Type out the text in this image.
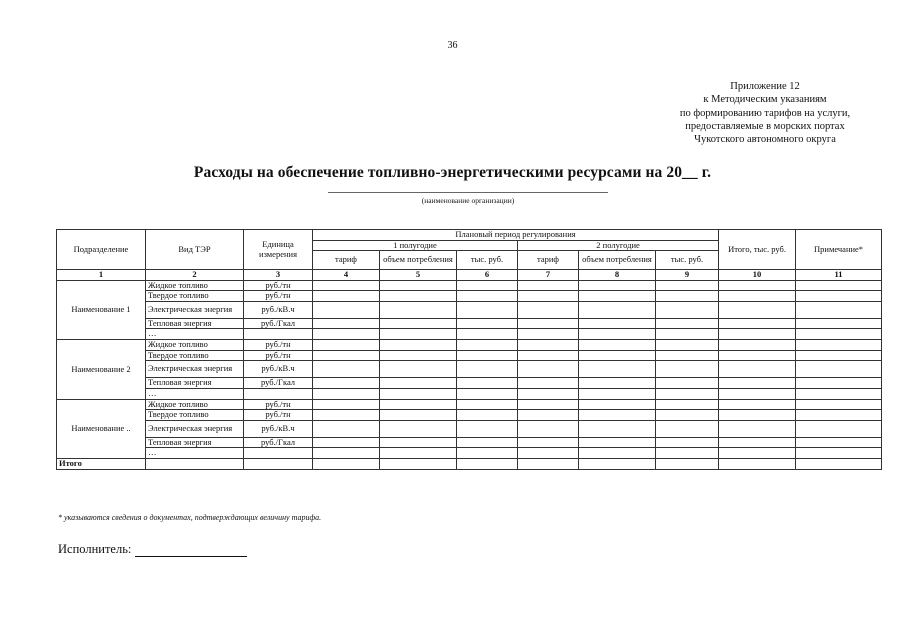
36
Приложение 12
к Методическим указаниям
по формированию тарифов на услуги,
предоставляемые в морских портах
Чукотского автономного округа
Расходы на обеспечение топливно-энергетическими ресурсами на 20__ г.
(наименование организации)
Подразделение	Вид ТЭР	Единица измерения	Плановый период регулирования						Итого, тыс. руб.	Примечание*
			1 полугодие			2 полугодие				
			тариф	объем потребления	тыс. руб.	тариф	объем потребления	тыс. руб.		
1	2	3	4	5	6	7	8	9	10	11
Наименование 1	Жидкое топливо	руб./тн								
	Твердое топливо	руб./тн								
	Электрическая энергия	руб./кВ.ч								
	Тепловая энергия	руб./Гкал								
	…									
Наименование 2	Жидкое топливо	руб./тн								
	Твердое топливо	руб./тн								
	Электрическая энергия	руб./кВ.ч								
	Тепловая энергия	руб./Гкал								
	…									
Наименование ..	Жидкое топливо	руб./тн								
	Твердое топливо	руб./тн								
	Электрическая энергия	руб./кВ.ч								
	Тепловая энергия	руб./Гкал								
	…									
Итого										
* указываются сведения о документах, подтверждающих величину тарифа.
Исполнитель:
